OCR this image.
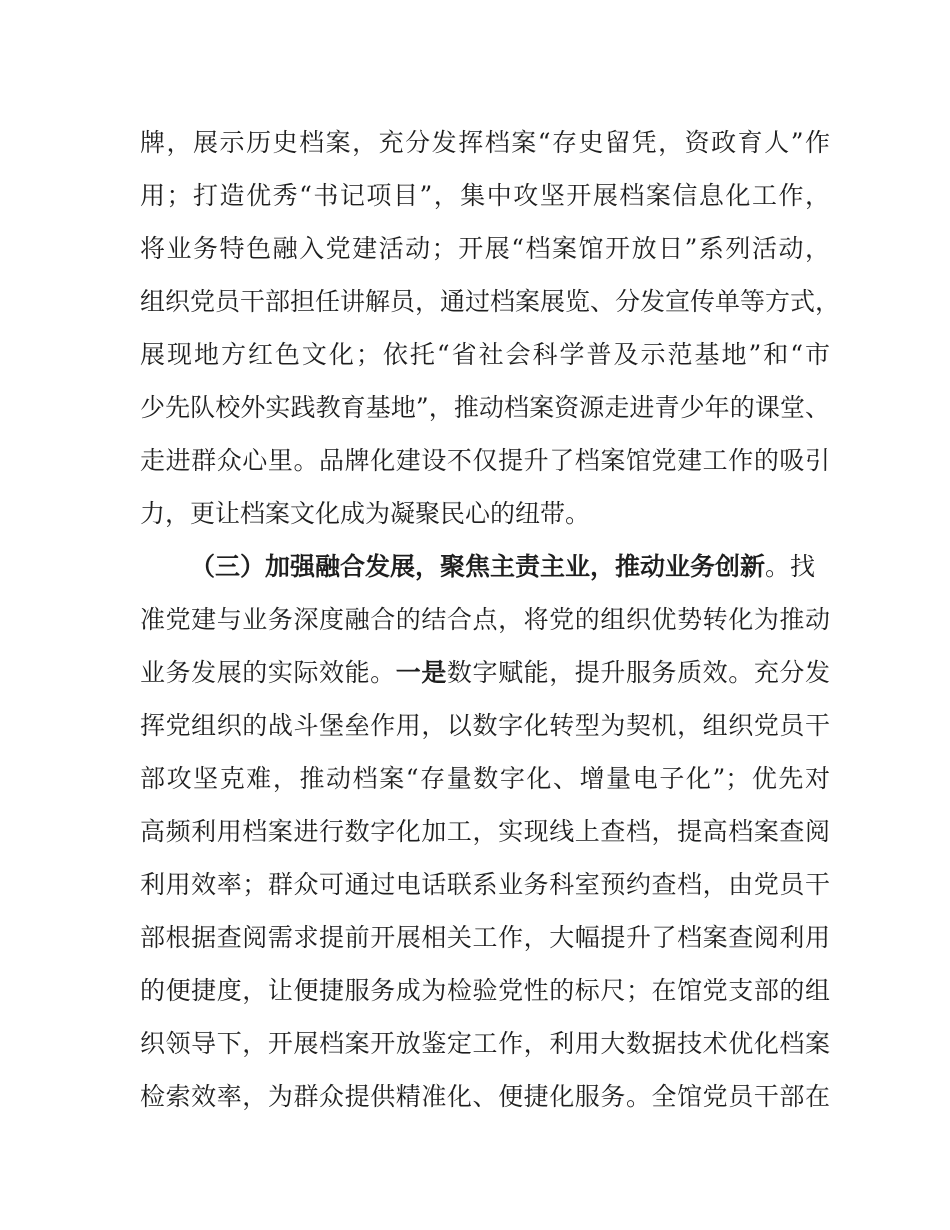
牌，展示历史档案，充分发挥档案“存史留凭，资政育人”作
用；打造优秀“书记项目”，集中攻坚开展档案信息化工作，
将业务特色融入党建活动；开展“档案馆开放日”系列活动，
组织党员干部担任讲解员，通过档案展览、分发宣传单等方式，
展现地方红色文化；依托“省社会科学普及示范基地”和“市
少先队校外实践教育基地”，推动档案资源走进青少年的课堂、
走进群众心里。品牌化建设不仅提升了档案馆党建工作的吸引
力，更让档案文化成为凝聚民心的纽带。
（三）加强融合发展，聚焦主责主业，推动业务创新。找
准党建与业务深度融合的结合点，将党的组织优势转化为推动
业务发展的实际效能。一是数字赋能，提升服务质效。充分发
挥党组织的战斗堡垒作用，以数字化转型为契机，组织党员干
部攻坚克难，推动档案“存量数字化、增量电子化”；优先对
高频利用档案进行数字化加工，实现线上查档，提高档案查阅
利用效率；群众可通过电话联系业务科室预约查档，由党员干
部根据查阅需求提前开展相关工作，大幅提升了档案查阅利用
的便捷度，让便捷服务成为检验党性的标尺；在馆党支部的组
织领导下，开展档案开放鉴定工作，利用大数据技术优化档案
检索效率，为群众提供精准化、便捷化服务。全馆党员干部在
